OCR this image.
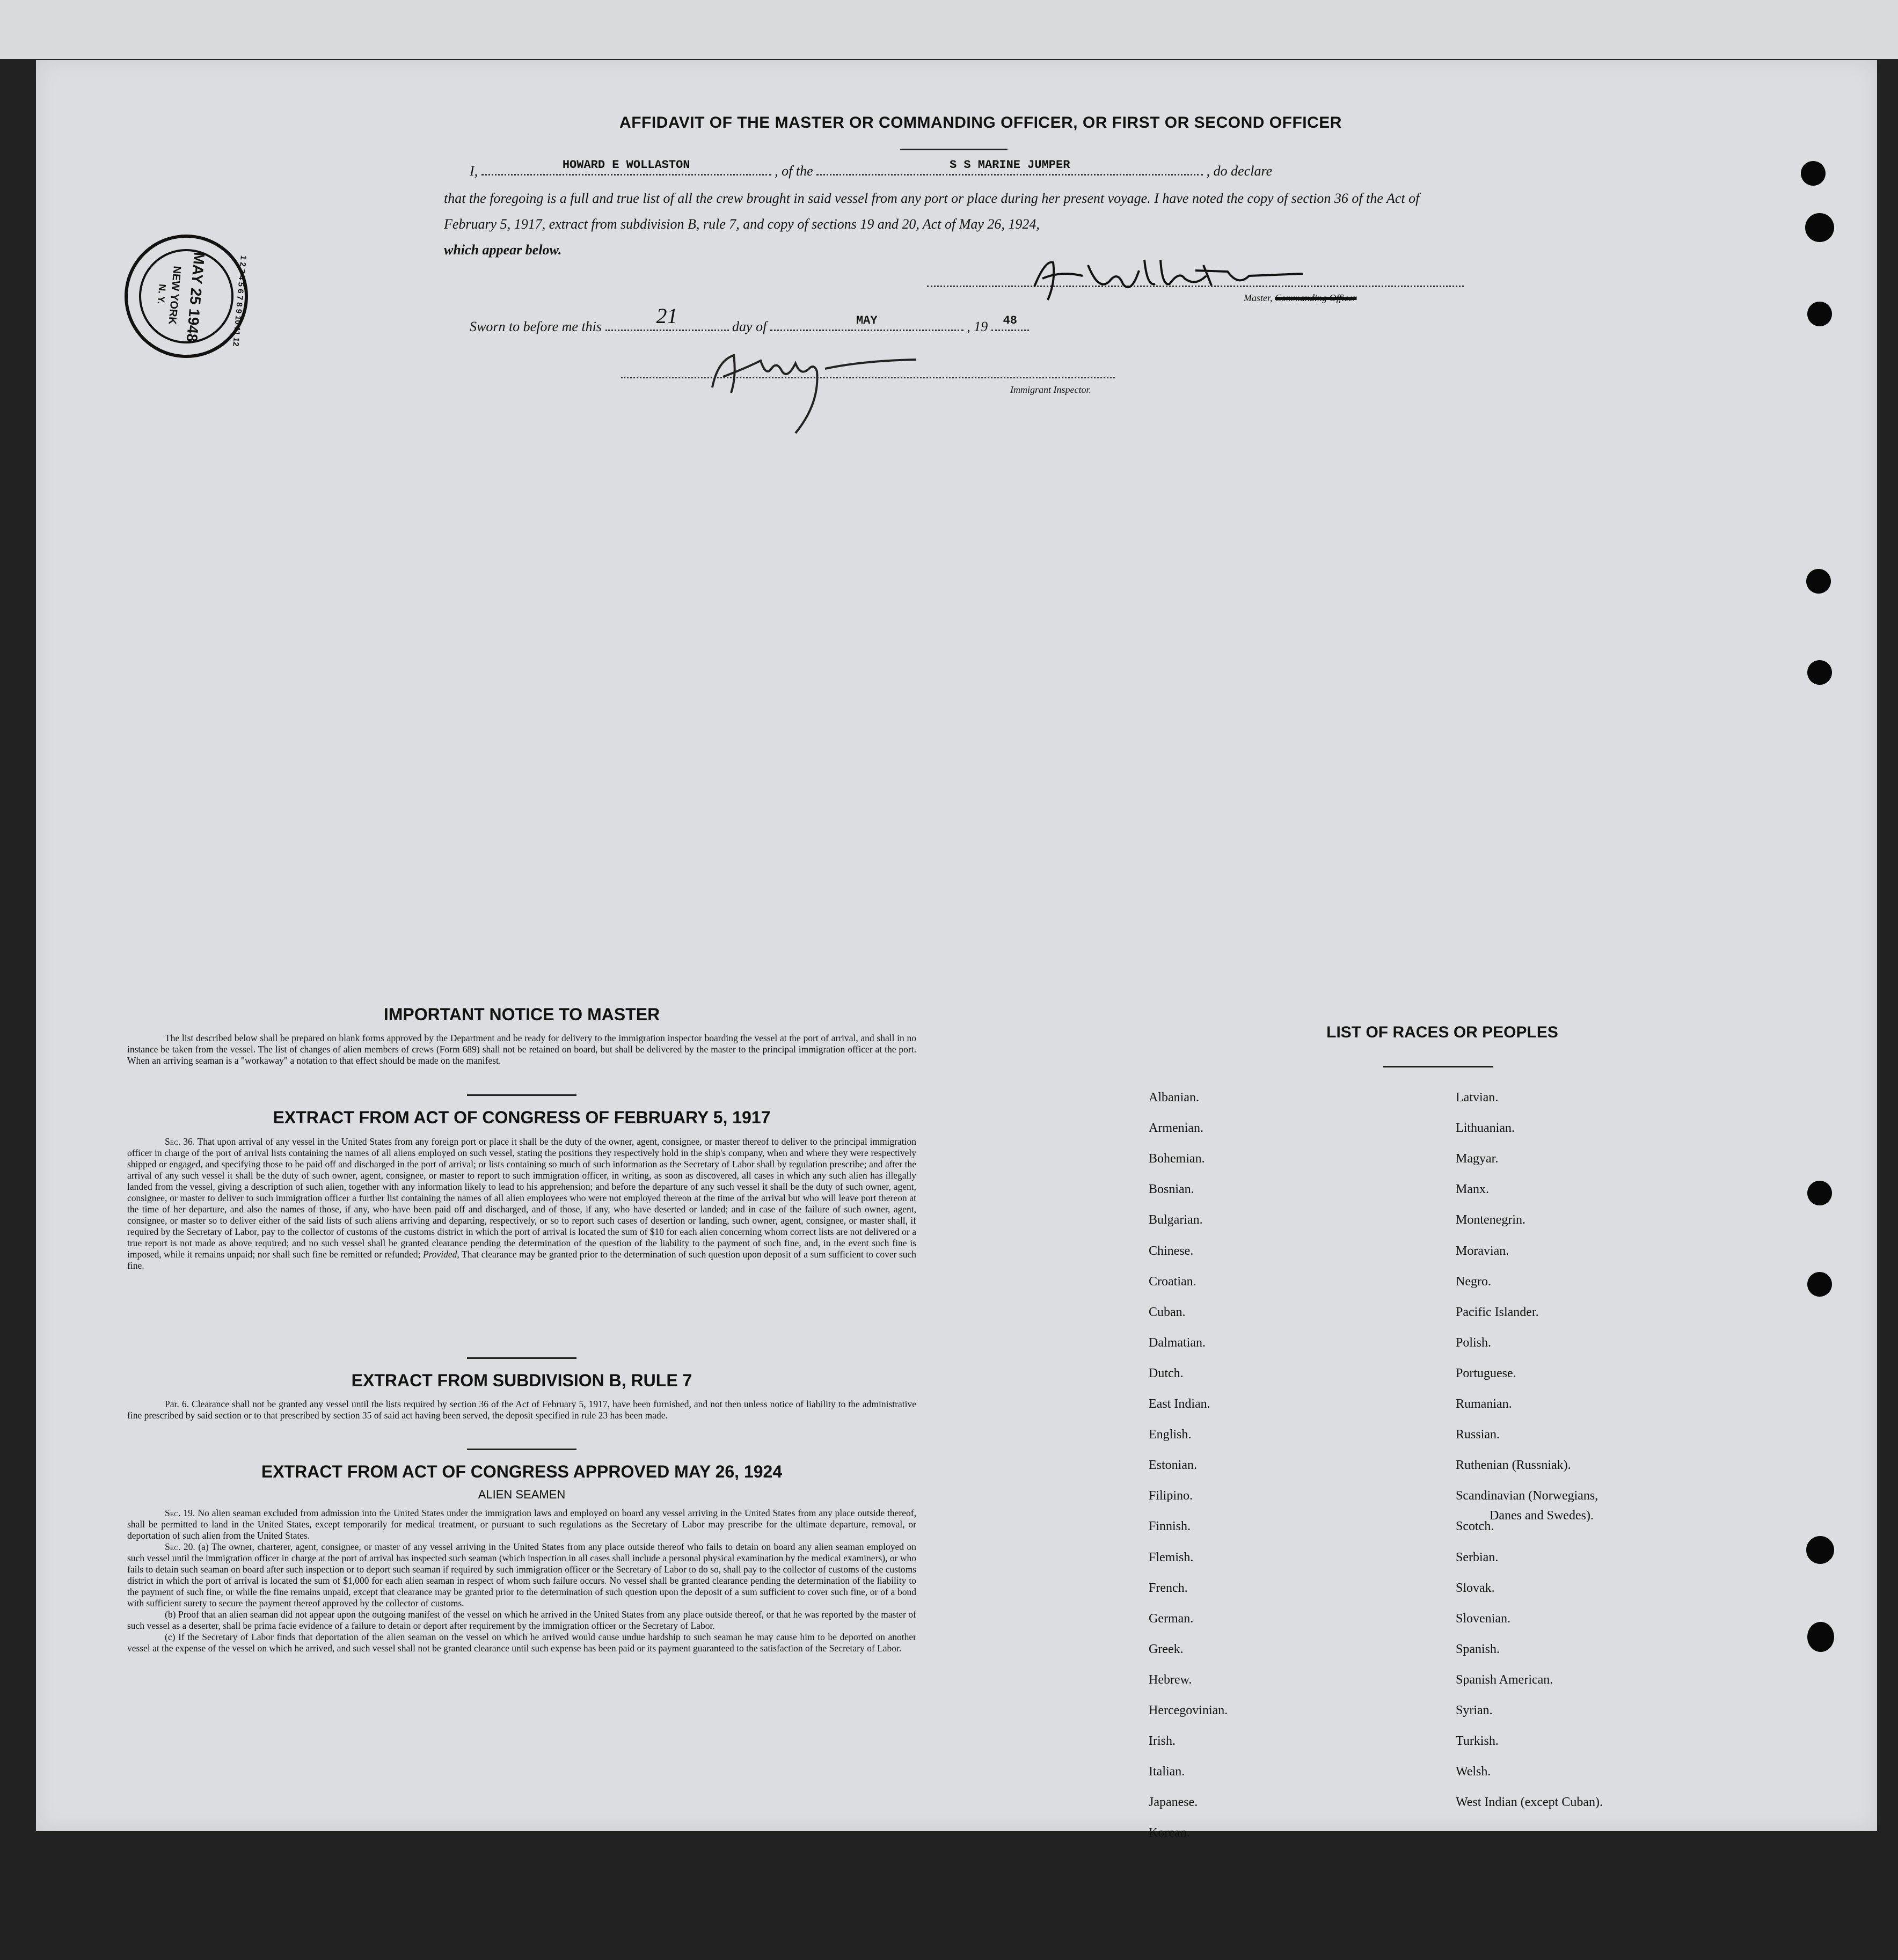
AFFIDAVIT OF THE MASTER OR COMMANDING OFFICER, OR FIRST OR SECOND OFFICER
I,	HOWARD E WOLLASTON	, of the	S S MARINE JUMPER	, do declare
that the foregoing is a full and true list of all the crew brought in said vessel from any port or place during her present voyage. I have noted the copy of section 36 of the Act of February 5, 1917, extract from subdivision B, rule 7, and copy of sections 19 and 20, Act of May 26, 1924,
which appear below.
Master, Commanding Officer
Sworn to before me this	21	day of	MAY	, 19	48
Immigrant Inspector.
1 2 3 4 5 6 7 8 9 10 11 12
MAY 25 1948
NEW YORK
N. Y.
IMPORTANT NOTICE TO MASTER

The list described below shall be prepared on blank forms approved by the Department and be ready for delivery to the immigration inspector boarding the vessel at the port of arrival, and shall in no instance be taken from the vessel. The list of changes of alien members of crews (Form 689) shall not be retained on board, but shall be delivered by the master to the principal immigration officer at the port. When an arriving seaman is a "workaway" a notation to that effect should be made on the manifest.

EXTRACT FROM ACT OF CONGRESS OF FEBRUARY 5, 1917

Sec. 36. That upon arrival of any vessel in the United States from any foreign port or place it shall be the duty of the owner, agent, consignee, or master thereof to deliver to the principal immigration officer in charge of the port of arrival lists containing the names of all aliens employed on such vessel, stating the positions they respectively hold in the ship's company, when and where they were respectively shipped or engaged, and specifying those to be paid off and discharged in the port of arrival; or lists containing so much of such information as the Secretary of Labor shall by regulation prescribe; and after the arrival of any such vessel it shall be the duty of such owner, agent, consignee, or master to report to such immigration officer, in writing, as soon as discovered, all cases in which any such alien has illegally landed from the vessel, giving a description of such alien, together with any information likely to lead to his apprehension; and before the departure of any such vessel it shall be the duty of such owner, agent, consignee, or master to deliver to such immigration officer a further list containing the names of all alien employees who were not employed thereon at the time of the arrival but who will leave port thereon at the time of her departure, and also the names of those, if any, who have been paid off and discharged, and of those, if any, who have deserted or landed; and in case of the failure of such owner, agent, consignee, or master so to deliver either of the said lists of such aliens arriving and departing, respectively, or so to report such cases of desertion or landing, such owner, agent, consignee, or master shall, if required by the Secretary of Labor, pay to the collector of customs of the customs district in which the port of arrival is located the sum of $10 for each alien concerning whom correct lists are not delivered or a true report is not made as above required; and no such vessel shall be granted clearance pending the determination of the question of the liability to the payment of such fine, and, in the event such fine is imposed, while it remains unpaid; nor shall such fine be remitted or refunded; Provided, That clearance may be granted prior to the determination of such question upon deposit of a sum sufficient to cover such fine.

EXTRACT FROM SUBDIVISION B, RULE 7

Par. 6. Clearance shall not be granted any vessel until the lists required by section 36 of the Act of February 5, 1917, have been furnished, and not then unless notice of liability to the administrative fine prescribed by said section or to that prescribed by section 35 of said act having been served, the deposit specified in rule 23 has been made.

EXTRACT FROM ACT OF CONGRESS APPROVED MAY 26, 1924
ALIEN SEAMEN

Sec. 19. No alien seaman excluded from admission into the United States under the immigration laws and employed on board any vessel arriving in the United States from any place outside thereof, shall be permitted to land in the United States, except temporarily for medical treatment, or pursuant to such regulations as the Secretary of Labor may prescribe for the ultimate departure, removal, or deportation of such alien from the United States.

Sec. 20. (a) The owner, charterer, agent, consignee, or master of any vessel arriving in the United States from any place outside thereof who fails to detain on board any alien seaman employed on such vessel until the immigration officer in charge at the port of arrival has inspected such seaman (which inspection in all cases shall include a personal physical examination by the medical examiners), or who fails to detain such seaman on board after such inspection or to deport such seaman if required by such immigration officer or the Secretary of Labor to do so, shall pay to the collector of customs of the customs district in which the port of arrival is located the sum of $1,000 for each alien seaman in respect of whom such failure occurs. No vessel shall be granted clearance pending the determination of the liability to the payment of such fine, or while the fine remains unpaid, except that clearance may be granted prior to the determination of such question upon the deposit of a sum sufficient to cover such fine, or of a bond with sufficient surety to secure the payment thereof approved by the collector of customs.

(b) Proof that an alien seaman did not appear upon the outgoing manifest of the vessel on which he arrived in the United States from any place outside thereof, or that he was reported by the master of such vessel as a deserter, shall be prima facie evidence of a failure to detain or deport after requirement by the immigration officer or the Secretary of Labor.

(c) If the Secretary of Labor finds that deportation of the alien seaman on the vessel on which he arrived would cause undue hardship to such seaman he may cause him to be deported on another vessel at the expense of the vessel on which he arrived, and such vessel shall not be granted clearance until such expense has been paid or its payment guaranteed to the satisfaction of the Secretary of Labor.

LIST OF RACES OR PEOPLES
Albanian.
Armenian.
Bohemian.
Bosnian.
Bulgarian.
Chinese.
Croatian.
Cuban.
Dalmatian.
Dutch.
East Indian.
English.
Estonian.
Filipino.
Finnish.
Flemish.
French.
German.
Greek.
Hebrew.
Hercegovinian.
Irish.
Italian.
Japanese.
Korean.
Latvian.
Lithuanian.
Magyar.
Manx.
Montenegrin.
Moravian.
Negro.
Pacific Islander.
Polish.
Portuguese.
Rumanian.
Russian.
Ruthenian (Russniak).
Scandinavian (Norwegians,
Danes and Swedes).
Scotch.
Serbian.
Slovak.
Slovenian.
Spanish.
Spanish American.
Syrian.
Turkish.
Welsh.
West Indian (except Cuban).
